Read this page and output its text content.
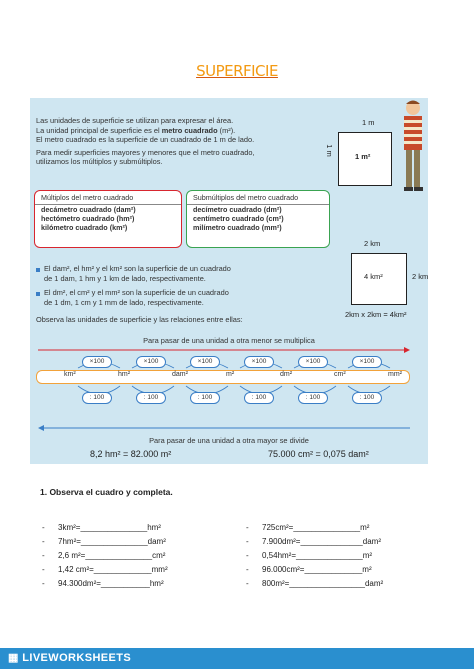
SUPERFICIE
Las unidades de superficie se utilizan para expresar el área.
La unidad principal de superficie es el metro cuadrado (m²).
El metro cuadrado es la superficie de un cuadrado de 1 m de lado.
Para medir superficies mayores y menores que el metro cuadrado,
utilizamos los múltiplos y submúltiplos.
Múltiplos del metro cuadrado
decámetro cuadrado (dam²)
hectómetro cuadrado (hm²)
kilómetro cuadrado (km²)
Submúltiplos del metro cuadrado
decímetro cuadrado (dm²)
centímetro cuadrado (cm²)
milímetro cuadrado (mm²)
El dam², el hm² y el km² son la superficie de un cuadrado
de 1 dam, 1 hm y 1 km de lado, respectivamente.
El dm², el cm² y el mm² son la superficie de un cuadrado
de 1 dm, 1 cm y 1 mm de lado, respectivamente.
Observa las unidades de superficie y las relaciones entre ellas:
Para pasar de una unidad a otra menor se multiplica
km²	hm²	dam²	m²	dm²	cm²	mm²
×100
: 100
×100
: 100
×100
: 100
×100
: 100
×100
: 100
×100
: 100
Para pasar de una unidad a otra mayor se divide
8,2 hm² = 82.000 m²	75.000 cm² = 0,075 dam²
1 m
1 m	1 m²
2 km
4 km²	2 km
2km x 2km = 4km²
1. Observa el cuadro y completa.
- 3km²=_______________hm²
- 7hm²=_______________dam²
- 2,6 m²=_______________cm²
- 1,42 cm²=_____________mm²
- 94.300dm²=___________hm²
- 725cm²=_______________m²
- 7.900dm²=______________dam²
- 0,54hm²=_______________m²
- 96.000cm²=_____________m²
- 800m²=_________________dam²
▦ LIVEWORKSHEETS
